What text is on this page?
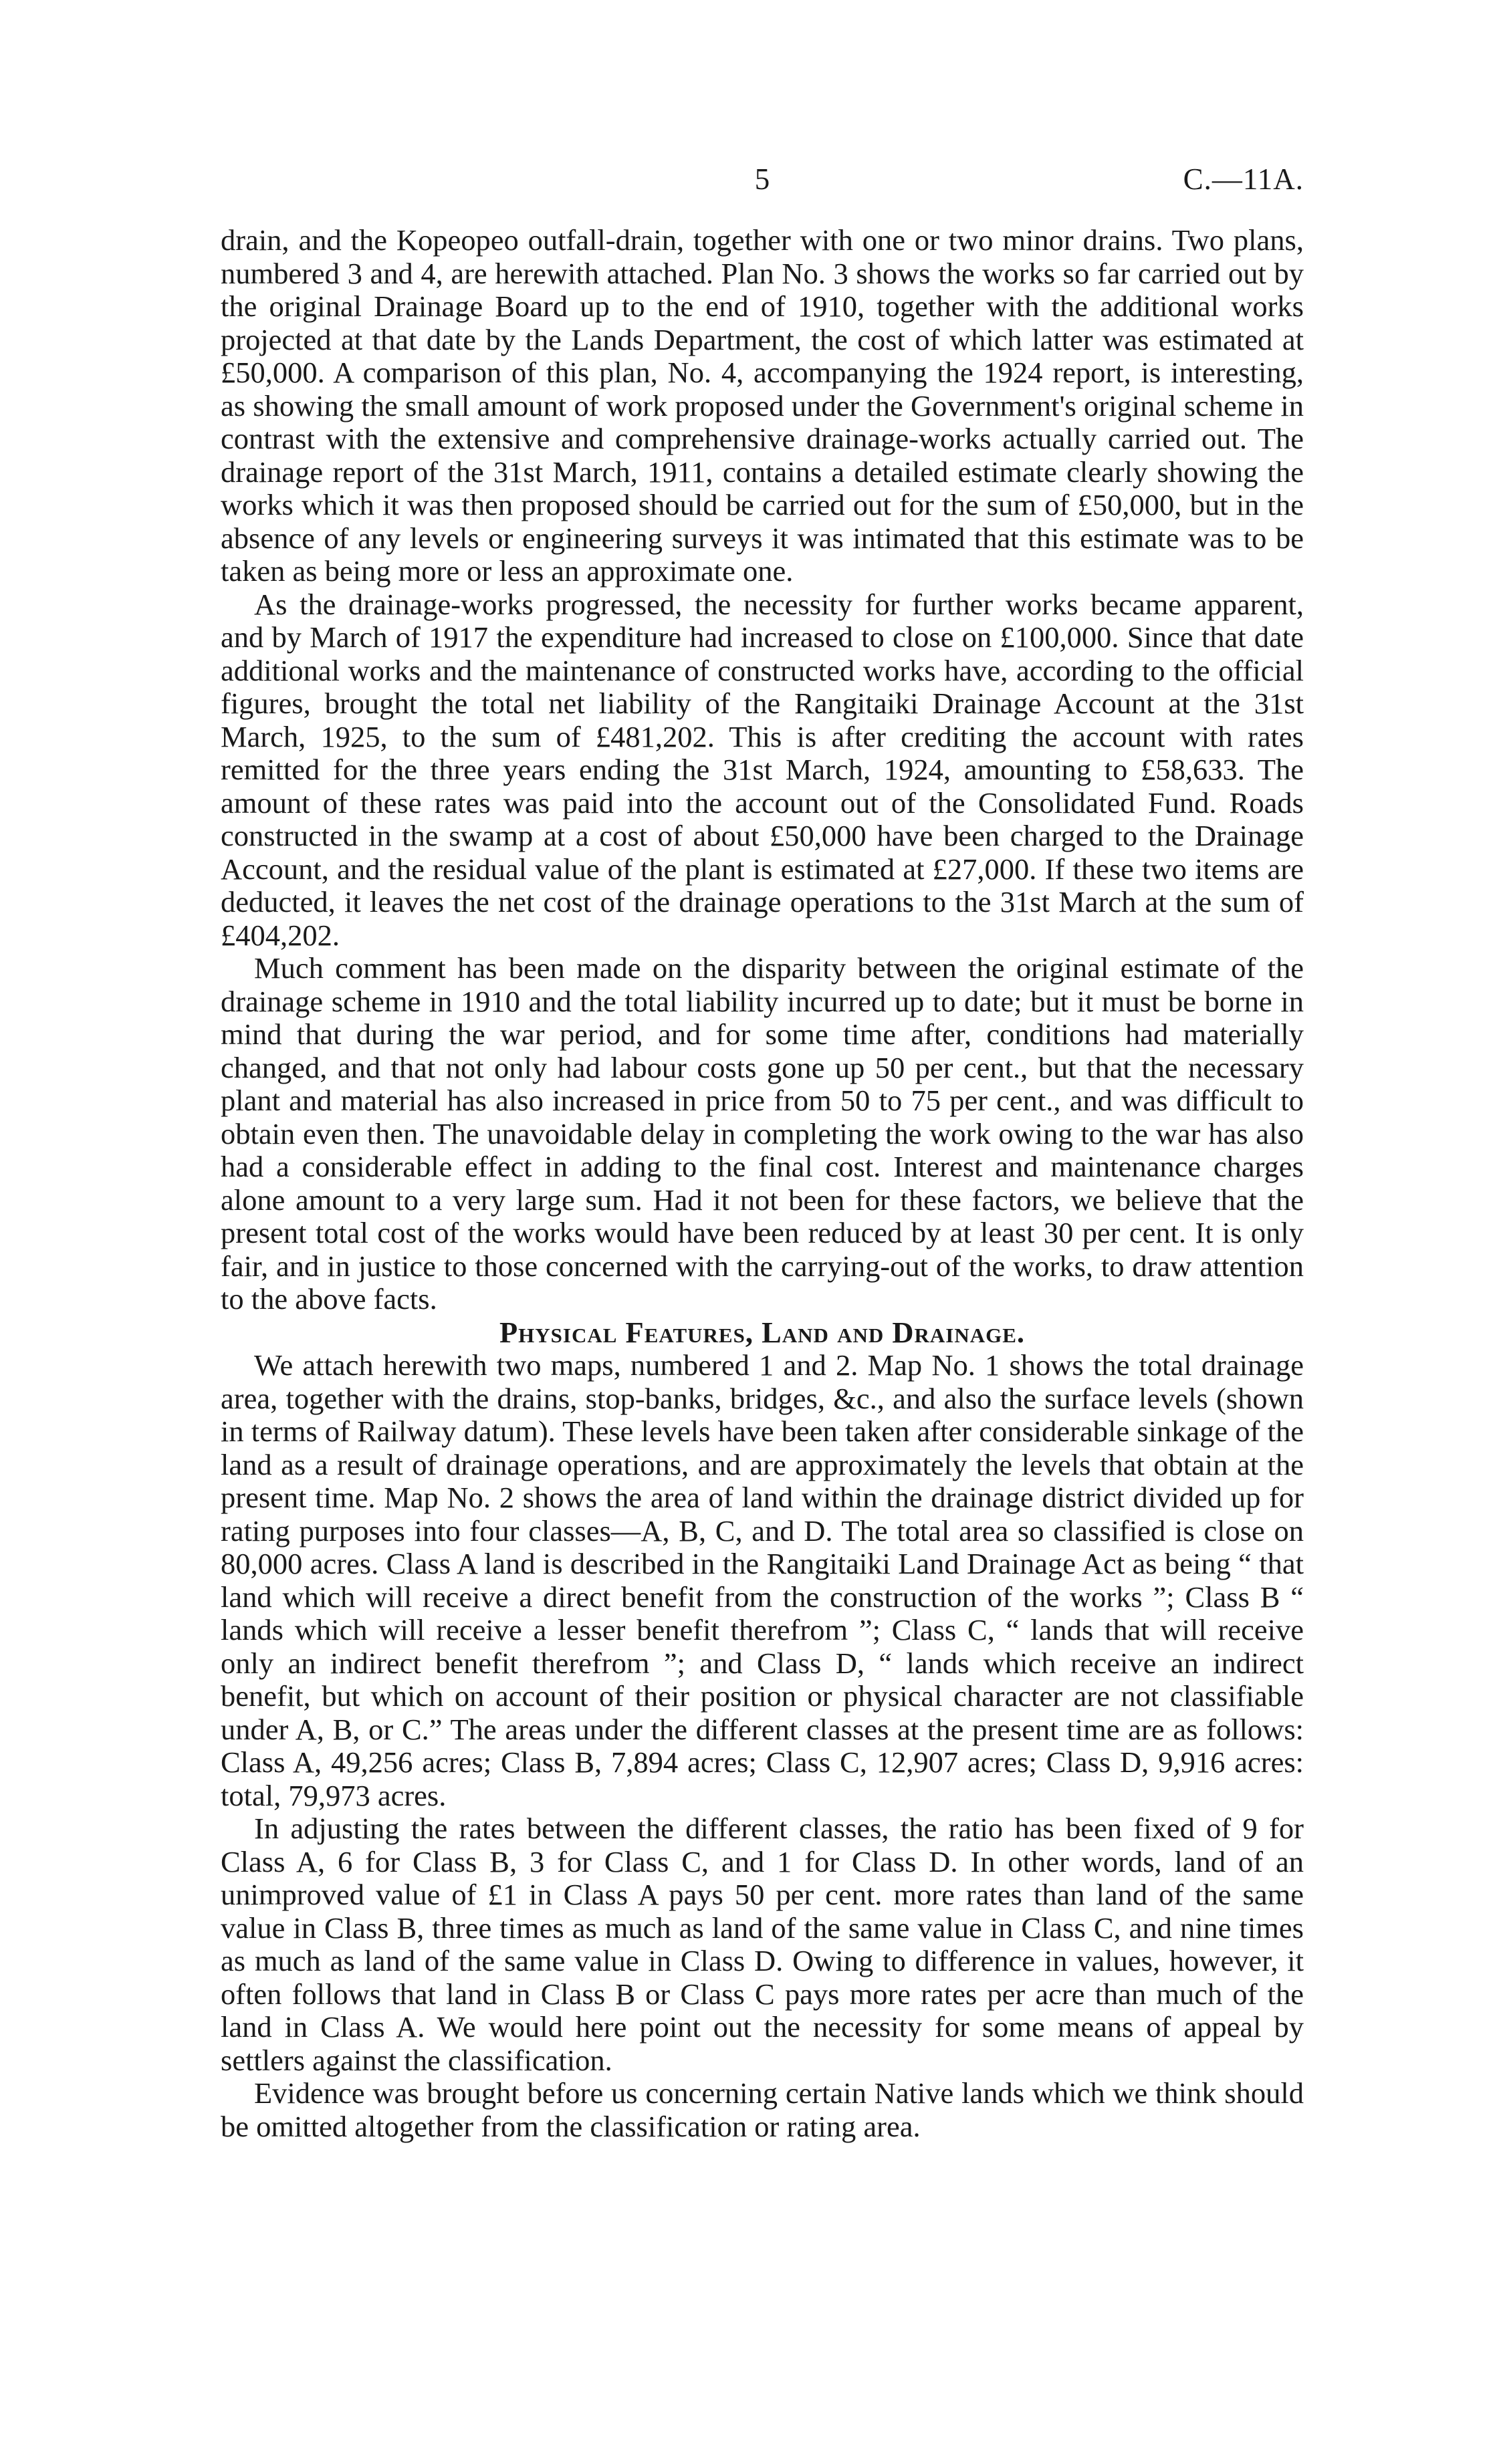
5	C.—11A.

drain, and the Kopeopeo outfall-drain, together with one or two minor drains. Two plans, numbered 3 and 4, are herewith attached. Plan No. 3 shows the works so far carried out by the original Drainage Board up to the end of 1910, together with the additional works projected at that date by the Lands Department, the cost of which latter was estimated at £50,000. A comparison of this plan, No. 4, accompanying the 1924 report, is interesting, as showing the small amount of work proposed under the Government's original scheme in contrast with the extensive and comprehensive drainage-works actually carried out. The drainage report of the 31st March, 1911, contains a detailed estimate clearly showing the works which it was then proposed should be carried out for the sum of £50,000, but in the absence of any levels or engineering surveys it was intimated that this estimate was to be taken as being more or less an approximate one.

As the drainage-works progressed, the necessity for further works became apparent, and by March of 1917 the expenditure had increased to close on £100,000. Since that date additional works and the maintenance of constructed works have, according to the official figures, brought the total net liability of the Rangitaiki Drainage Account at the 31st March, 1925, to the sum of £481,202. This is after crediting the account with rates remitted for the three years ending the 31st March, 1924, amounting to £58,633. The amount of these rates was paid into the account out of the Consolidated Fund. Roads constructed in the swamp at a cost of about £50,000 have been charged to the Drainage Account, and the residual value of the plant is estimated at £27,000. If these two items are deducted, it leaves the net cost of the drainage operations to the 31st March at the sum of £404,202.

Much comment has been made on the disparity between the original estimate of the drainage scheme in 1910 and the total liability incurred up to date; but it must be borne in mind that during the war period, and for some time after, conditions had materially changed, and that not only had labour costs gone up 50 per cent., but that the necessary plant and material has also increased in price from 50 to 75 per cent., and was difficult to obtain even then. The unavoidable delay in completing the work owing to the war has also had a considerable effect in adding to the final cost. Interest and maintenance charges alone amount to a very large sum. Had it not been for these factors, we believe that the present total cost of the works would have been reduced by at least 30 per cent. It is only fair, and in justice to those concerned with the carrying-out of the works, to draw attention to the above facts.

Physical Features, Land and Drainage.

We attach herewith two maps, numbered 1 and 2. Map No. 1 shows the total drainage area, together with the drains, stop-banks, bridges, &c., and also the surface levels (shown in terms of Railway datum). These levels have been taken after considerable sinkage of the land as a result of drainage operations, and are approximately the levels that obtain at the present time. Map No. 2 shows the area of land within the drainage district divided up for rating purposes into four classes—A, B, C, and D. The total area so classified is close on 80,000 acres. Class A land is described in the Rangitaiki Land Drainage Act as being “ that land which will receive a direct benefit from the construction of the works ”; Class B “ lands which will receive a lesser benefit therefrom ”; Class C, “ lands that will receive only an indirect benefit therefrom ”; and Class D, “ lands which receive an indirect benefit, but which on account of their position or physical character are not classifiable under A, B, or C.” The areas under the different classes at the present time are as follows: Class A, 49,256 acres; Class B, 7,894 acres; Class C, 12,907 acres; Class D, 9,916 acres: total, 79,973 acres.

In adjusting the rates between the different classes, the ratio has been fixed of 9 for Class A, 6 for Class B, 3 for Class C, and 1 for Class D. In other words, land of an unimproved value of £1 in Class A pays 50 per cent. more rates than land of the same value in Class B, three times as much as land of the same value in Class C, and nine times as much as land of the same value in Class D. Owing to difference in values, however, it often follows that land in Class B or Class C pays more rates per acre than much of the land in Class A. We would here point out the necessity for some means of appeal by settlers against the classification.

Evidence was brought before us concerning certain Native lands which we think should be omitted altogether from the classification or rating area.
